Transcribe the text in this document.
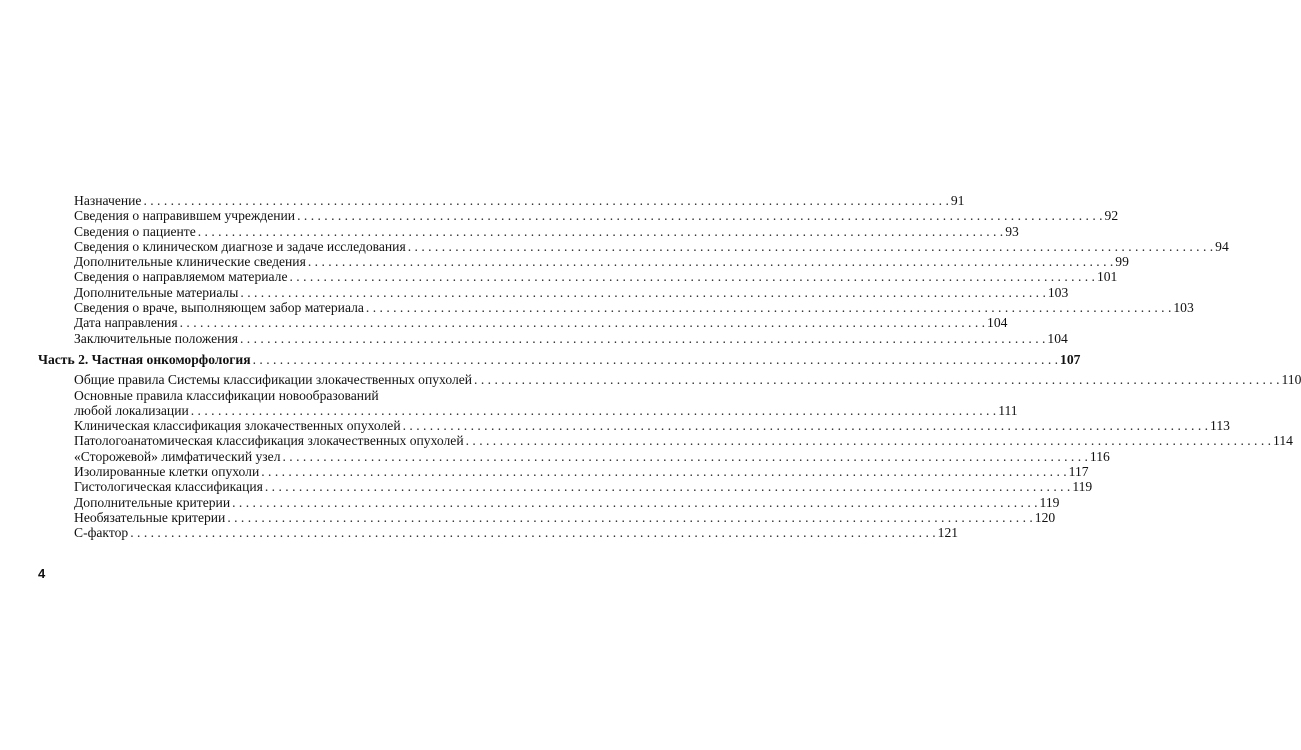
Назначение . . .	91
Сведения о направившем учреждении . . .	92
Сведения о пациенте . . .	93
Сведения о клиническом диагнозе и задаче исследования . . .	94
Дополнительные клинические сведения . . .	99
Сведения о направляемом материале . . .	101
Дополнительные материалы . . .	103
Сведения о враче, выполняющем забор материала . . .	103
Дата направления . . .	104
Заключительные положения . . .	104
Часть 2. Частная онкоморфология . . .	107
Общие правила Системы классификации злокачественных опухолей . . .	110
Основные правила классификации новообразований
любой локализации . . .	111
Клиническая классификация злокачественных опухолей . . .	113
Патологоанатомическая классификация злокачественных опухолей . . .	114
«Сторожевой» лимфатический узел . . .	116
Изолированные клетки опухоли . . .	117
Гистологическая классификация . . .	119
Дополнительные критерии . . .	119
Необязательные критерии . . .	120
С-фактор . . .	121
4
